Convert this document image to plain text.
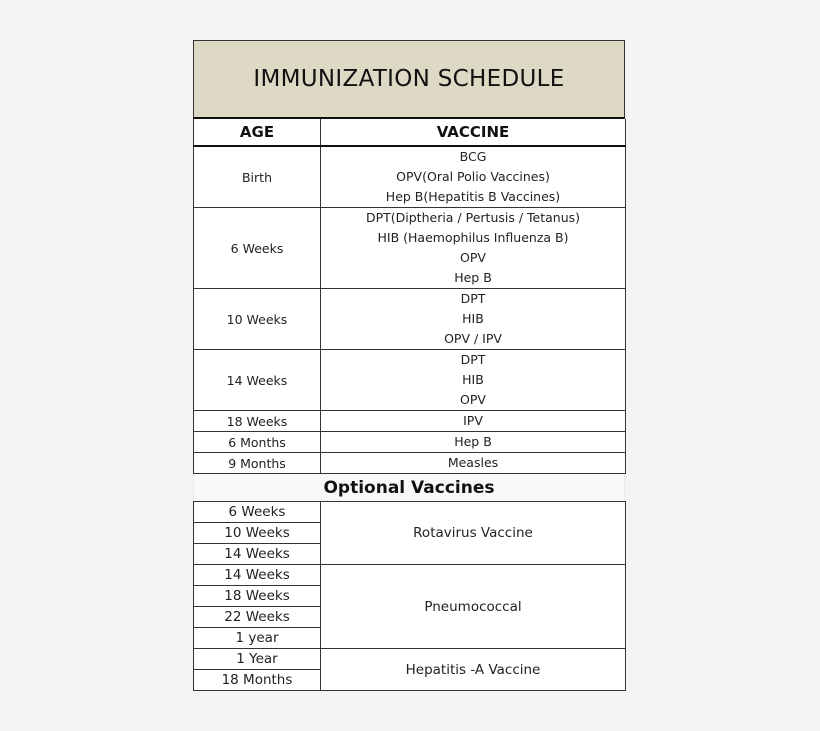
IMMUNIZATION SCHEDULE
AGE	VACCINE
Birth	BCG
OPV(Oral Polio Vaccines)
Hep B(Hepatitis B Vaccines)

6 Weeks	DPT(Diptheria / Pertusis / Tetanus)
HIB (Haemophilus Influenza B)
OPV
Hep B

10 Weeks	DPT
HIB
OPV / IPV

14 Weeks	DPT
HIB
OPV

18 Weeks	IPV

6 Months	Hep B

9 Months	Measles
Optional Vaccines
6 Weeks	Rotavirus Vaccine
10 Weeks	
14 Weeks	
14 Weeks	Pneumococcal
18 Weeks	
22 Weeks	
1 year	
1 Year	Hepatitis -A Vaccine
18 Months	
